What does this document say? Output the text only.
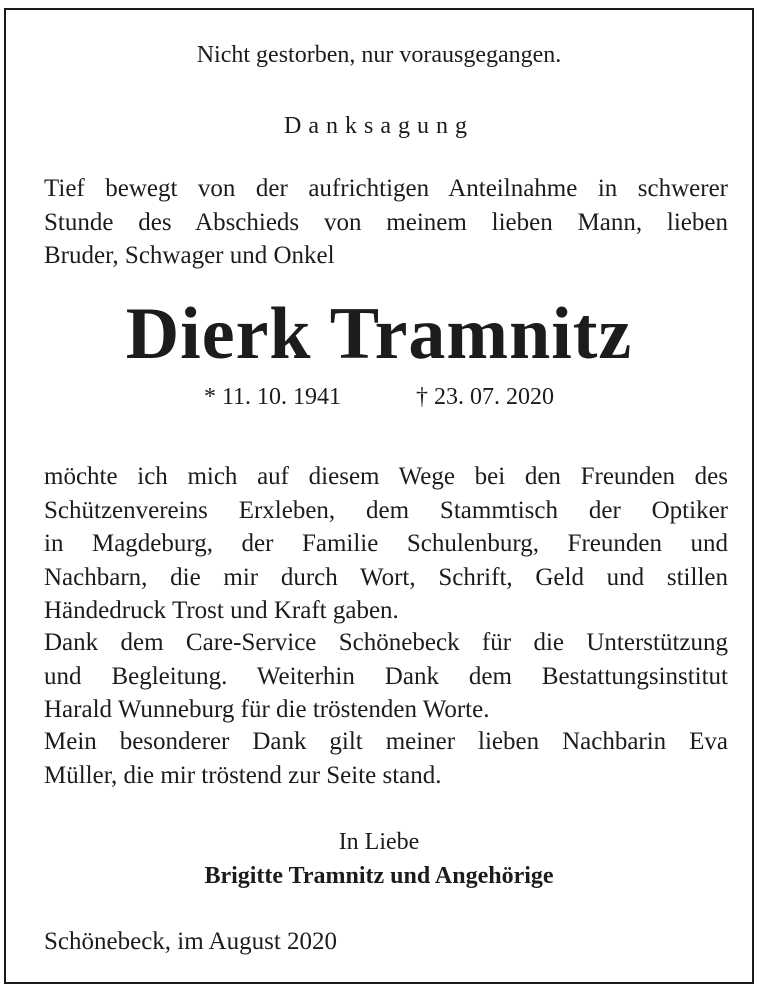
Nicht gestorben, nur vorausgegangen.
Danksagung
Tief bewegt von der aufrichtigen Anteilnahme in schwerer
Stunde des Abschieds von meinem lieben Mann, lieben
Bruder, Schwager und Onkel
Dierk Tramnitz
* 11. 10. 1941	† 23. 07. 2020
möchte ich mich auf diesem Wege bei den Freunden des
Schützenvereins Erxleben, dem Stammtisch der Optiker
in Magdeburg, der Familie Schulenburg, Freunden und
Nachbarn, die mir durch Wort, Schrift, Geld und stillen
Händedruck Trost und Kraft gaben.
Dank dem Care-Service Schönebeck für die Unterstützung
und Begleitung. Weiterhin Dank dem Bestattungsinstitut
Harald Wunneburg für die tröstenden Worte.
Mein besonderer Dank gilt meiner lieben Nachbarin Eva
Müller, die mir tröstend zur Seite stand.
In Liebe
Brigitte Tramnitz und Angehörige
Schönebeck, im August 2020
